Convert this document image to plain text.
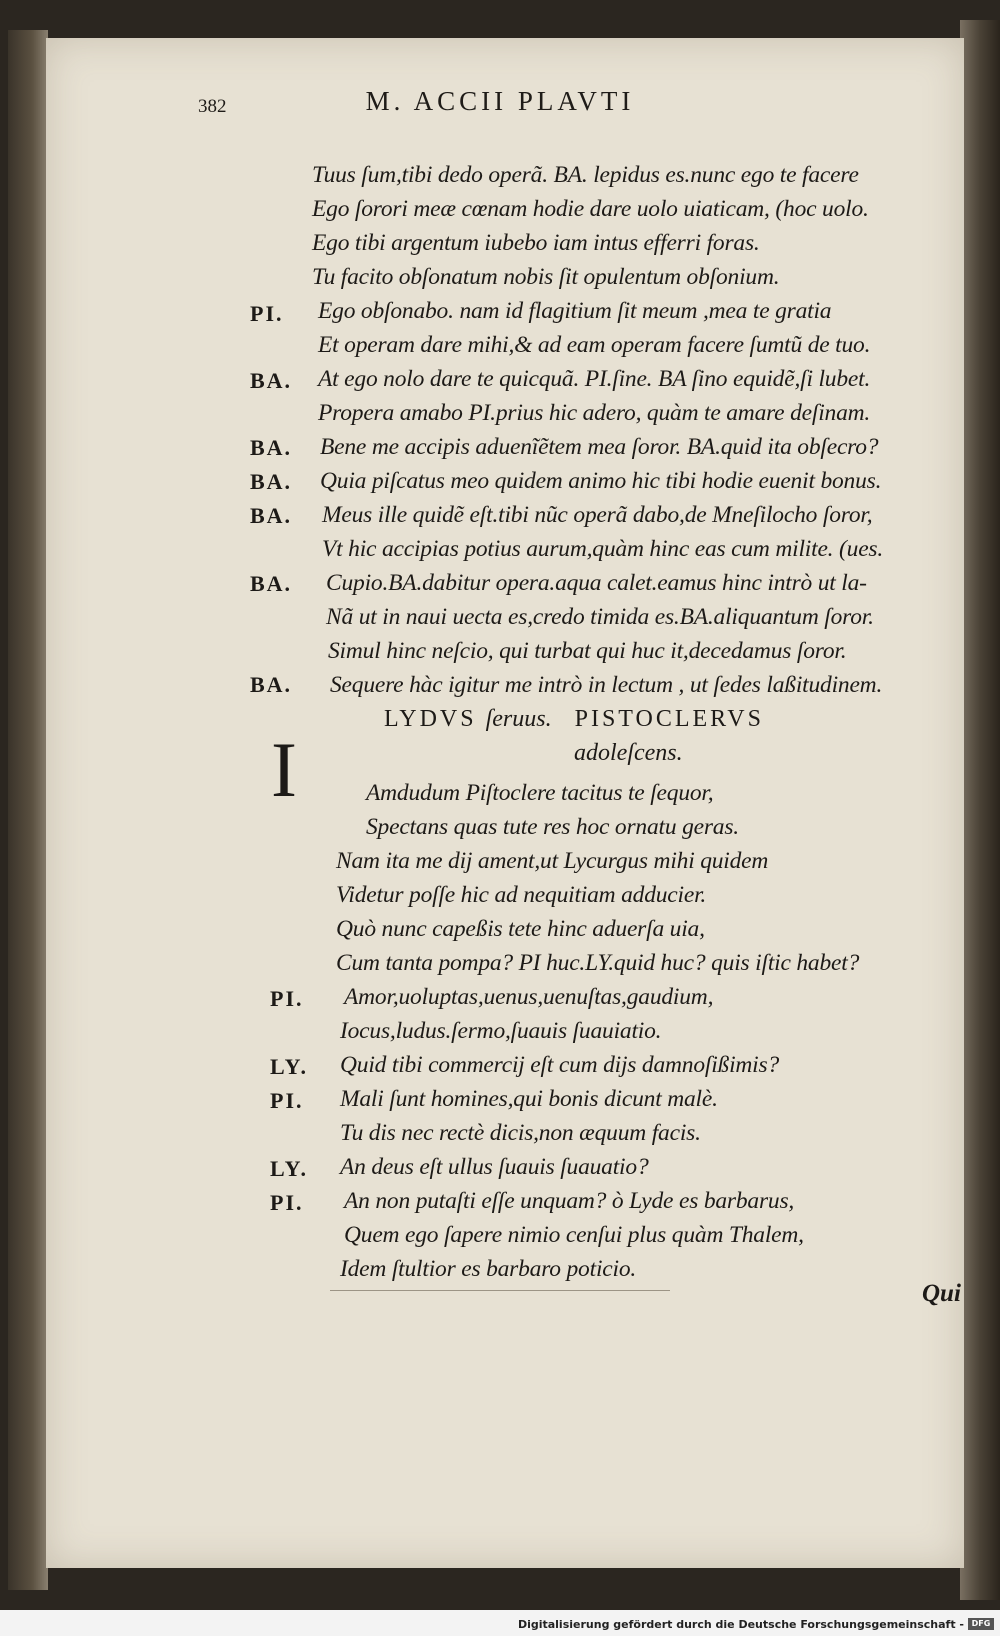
382	M. ACCII PLAVTI
PI.
BA.
BA.
BA.
BA.
BA.
BA.
Tuus ſum,tibi dedo operã. BA. lepidus es.nunc ego te facere
Ego ſorori meæ cœnam hodie dare uolo uiaticam, (hoc uolo.
Ego tibi argentum iubebo iam intus efferri foras.
Tu facito obſonatum nobis ſit opulentum obſonium.
Ego obſonabo. nam id flagitium ſit meum ,mea te gratia
Et operam dare mihi,& ad eam operam facere ſumtũ de tuo.
At ego nolo dare te quicquã. PI.ſine. BA ſino equidẽ,ſi lubet.
Propera amabo PI.prius hic adero, quàm te amare deſinam.
Bene me accipis aduenĩẽtem mea ſoror. BA.quid ita obſecro?
Quia piſcatus meo quidem animo hic tibi hodie euenit bonus.
Meus ille quidẽ eſt.tibi nũc operã dabo,de Mneſilocho ſoror,
Vt hic accipias potius aurum,quàm hinc eas cum milite. (ues.
Cupio.BA.dabitur opera.aqua calet.eamus hinc intrò ut la-
Nã ut in naui uecta es,credo timida es.BA.aliquantum ſoror.
Simul hinc neſcio, qui turbat qui huc it,decedamus ſoror.
Sequere hàc igitur me intrò in lectum , ut ſedes laßitudinem.
LYDVS ſeruus. PISTOCLERVS
adoleſcens.
I
PI.
LY.
PI.
LY.
PI.
Amdudum Piſtoclere tacitus te ſequor,
Spectans quas tute res hoc ornatu geras.
Nam ita me dij ament,ut Lycurgus mihi quidem
Videtur poſſe hic ad nequitiam adducier.
Quò nunc capeßis tete hinc aduerſa uia,
Cum tanta pompa? PI huc.LY.quid huc? quis iſtic habet?
Amor,uoluptas,uenus,uenuſtas,gaudium,
Iocus,ludus.ſermo,ſuauis ſuauiatio.
Quid tibi commercij eſt cum dijs damnoſißimis?
Mali ſunt homines,qui bonis dicunt malè.
Tu dis nec rectè dicis,non æquum facis.
An deus eſt ullus ſuauis ſuauatio?
An non putaſti eſſe unquam? ò Lyde es barbarus,
Quem ego ſapere nimio cenſui plus quàm Thalem,
Idem ſtultior es barbaro poticio.
Qui
Digitalisierung gefördert durch die Deutsche Forschungsgemeinschaft - DFG
